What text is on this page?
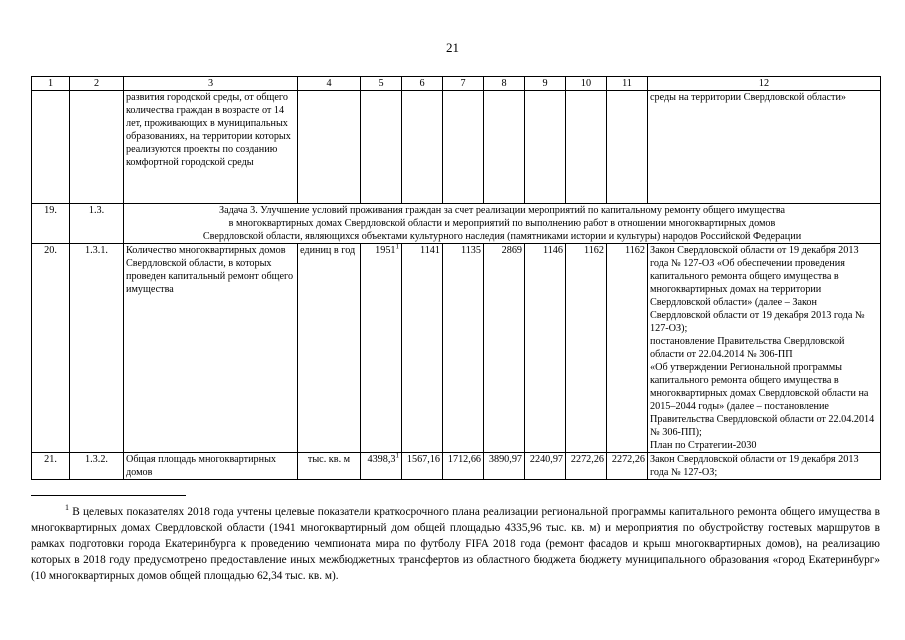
21
1	2	3	4	5	6	7	8	9	10	11	12
		развития городской среды, от общего количества граждан в возрасте от 14 лет, проживающих в муниципальных образованиях, на территории которых реализуются проекты по созданию комфортной городской среды									среды на территории Свердловской области»
19.	1.3.	Задача 3. Улучшение условий проживания граждан за счет реализации мероприятий по капитальному ремонту общего имущества
в многоквартирных домах Свердловской области и мероприятий по выполнению работ в отношении многоквартирных домов
Свердловской области, являющихся объектами культурного наследия (памятниками истории и культуры) народов Российской Федерации									

20.	1.3.1.	Количество многоквартирных домов Свердловской области, в которых проведен капитальный ремонт общего имущества	единиц в год	1951$^1$	1141	1135	2869	1146	1162	1162	Закон Свердловской области от 19 декабря 2013 года № 127-ОЗ «Об обеспечении проведения капитального ремонта общего имущества в многоквартирных домах на территории Свердловской области» (далее – Закон Свердловской области от 19 декабря 2013 года № 127-ОЗ);
постановление Правительства Свердловской области от 22.04.2014 № 306-ПП
«Об утверждении Региональной программы капитального ремонта общего имущества в многоквартирных домах Свердловской области на 2015–2044 годы» (далее – постановление Правительства Свердловской области от 22.04.2014 № 306-ПП);
План по Стратегии-2030

21.	1.3.2.	Общая площадь многоквартирных домов	тыс. кв. м	4398,3$^1$	1567,16	1712,66	3890,97	2240,97	2272,26	2272,26	Закон Свердловской области от 19 декабря 2013 года № 127-ОЗ;
$^1$ В целевых показателях 2018 года учтены целевые показатели краткосрочного плана реализации региональной программы капитального ремонта общего имущества в многоквартирных домах Свердловской области (1941 многоквартирный дом общей площадью 4335,96 тыс. кв. м) и мероприятия по обустройству гостевых маршрутов в рамках подготовки города Екатеринбурга к проведению чемпионата мира по футболу FIFA 2018 года (ремонт фасадов и крыш многоквартирных домов), на реализацию которых в 2018 году предусмотрено предоставление иных межбюджетных трансфертов из областного бюджета бюджету муниципального образования «город Екатеринбург» (10 многоквартирных домов общей площадью 62,34 тыс. кв. м).
